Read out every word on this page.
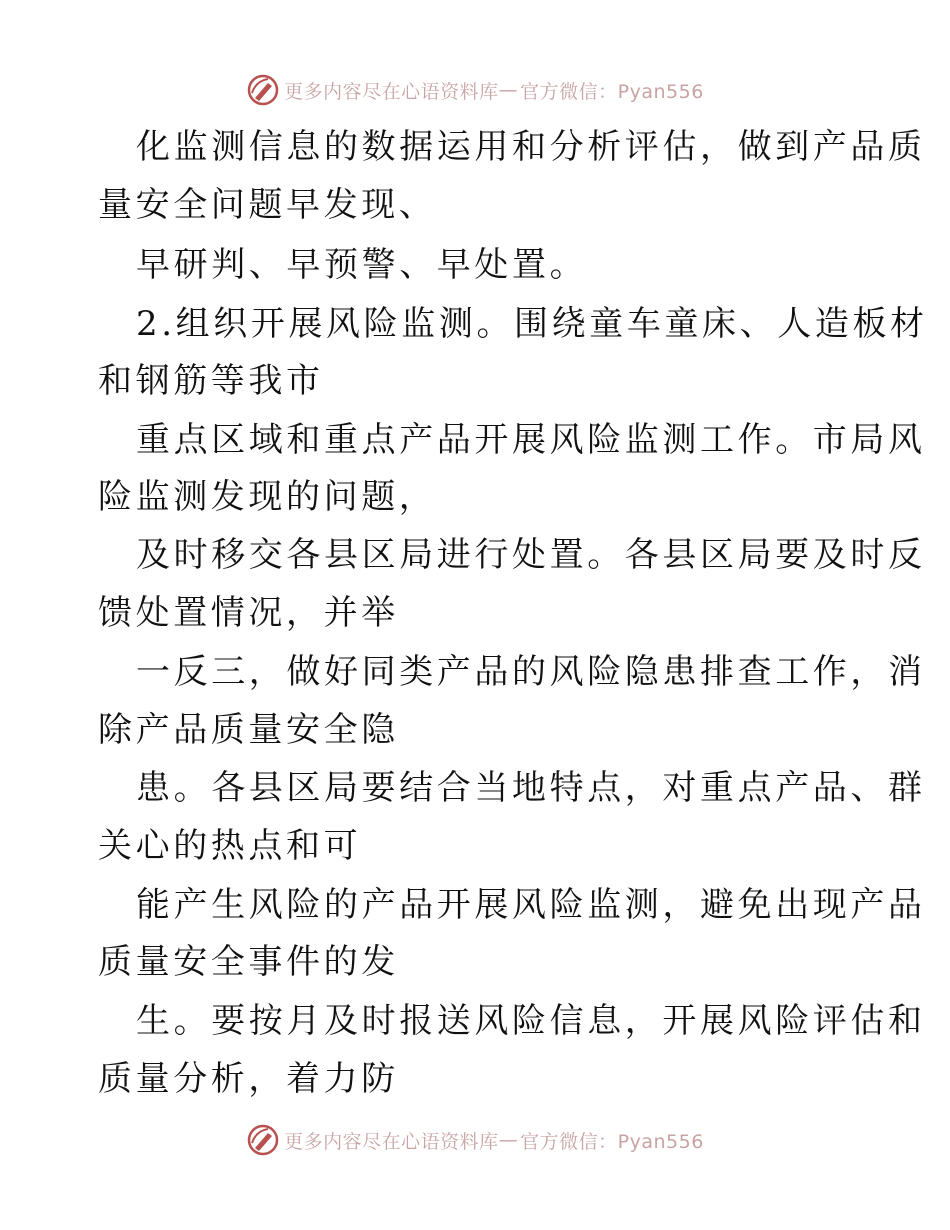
更多内容尽在心语资料库 — 官方微信：Pyan556
化监测信息的数据运用和分析评估，做到产品质
量安全问题早发现、
早研判、早预警、早处置。
2.组织开展风险监测。围绕童车童床、人造板材
和钢筋等我市
重点区域和重点产品开展风险监测工作。市局风
险监测发现的问题，
及时移交各县区局进行处置。各县区局要及时反
馈处置情况，并举
一反三，做好同类产品的风险隐患排查工作，消
除产品质量安全隐
患。各县区局要结合当地特点，对重点产品、群
关心的热点和可
能产生风险的产品开展风险监测，避免出现产品
质量安全事件的发
生。要按月及时报送风险信息，开展风险评估和
质量分析，着力防
更多内容尽在心语资料库 — 官方微信：Pyan556
